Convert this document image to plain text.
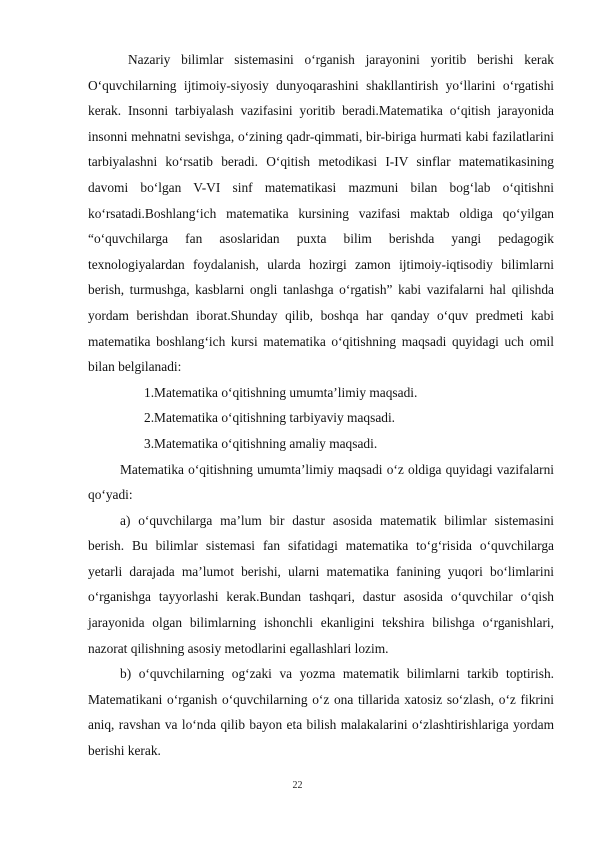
Nazariy bilimlar sistemasini o‘rganish jarayonini yoritib berishi kerak O‘quvchilarning ijtimoiy-siyosiy dunyoqarashini shakllantirish yo‘llarini o‘rgatishi kerak. Insonni tarbiyalash vazifasini yoritib beradi.Matematika o‘qitish jarayonida insonni mehnatni sevishga, o‘zining qadr-qimmati, bir-biriga hurmati kabi fazilatlarini tarbiyalashni ko‘rsatib beradi. O‘qitish metodikasi I-IV sinflar matematikasining davomi bo‘lgan V-VI sinf matematikasi mazmuni bilan bog‘lab o‘qitishni ko‘rsatadi.Boshlang‘ich matematika kursining vazifasi maktab oldiga qo‘yilgan “o‘quvchilarga fan asoslaridan puxta bilim berishda yangi pedagogik texnologiyalardan foydalanish, ularda hozirgi zamon ijtimoiy-iqtisodiy bilimlarni berish, turmushga, kasblarni ongli tanlashga o‘rgatish” kabi vazifalarni hal qilishda yordam berishdan iborat.Shunday qilib, boshqa har qanday o‘quv predmeti kabi matematika boshlang‘ich kursi matematika o‘qitishning maqsadi quyidagi uch omil bilan belgilanadi:

1.Matematika o‘qitishning umumta’limiy maqsadi.

2.Matematika o‘qitishning tarbiyaviy maqsadi.

3.Matematika o‘qitishning amaliy maqsadi.

Matematika o‘qitishning umumta’limiy maqsadi o‘z oldiga quyidagi vazifalarni qo‘yadi:

a) o‘quvchilarga ma’lum bir dastur asosida matematik bilimlar sistemasini berish. Bu bilimlar sistemasi fan sifatidagi matematika to‘g‘risida o‘quvchilarga yetarli darajada ma’lumot berishi, ularni matematika fanining yuqori bo‘limlarini o‘rganishga tayyorlashi kerak.Bundan tashqari, dastur asosida o‘quvchilar o‘qish jarayonida olgan bilimlarning ishonchli ekanligini tekshira bilishga o‘rganishlari, nazorat qilishning asosiy metodlarini egallashlari lozim.

b) o‘quvchilarning og‘zaki va yozma matematik bilimlarni tarkib toptirish. Matematikani o‘rganish o‘quvchilarning o‘z ona tillarida xatosiz so‘zlash, o‘z fikrini aniq, ravshan va lo‘nda qilib bayon eta bilish malakalarini o‘zlashtirishlariga yordam berishi kerak.

22
